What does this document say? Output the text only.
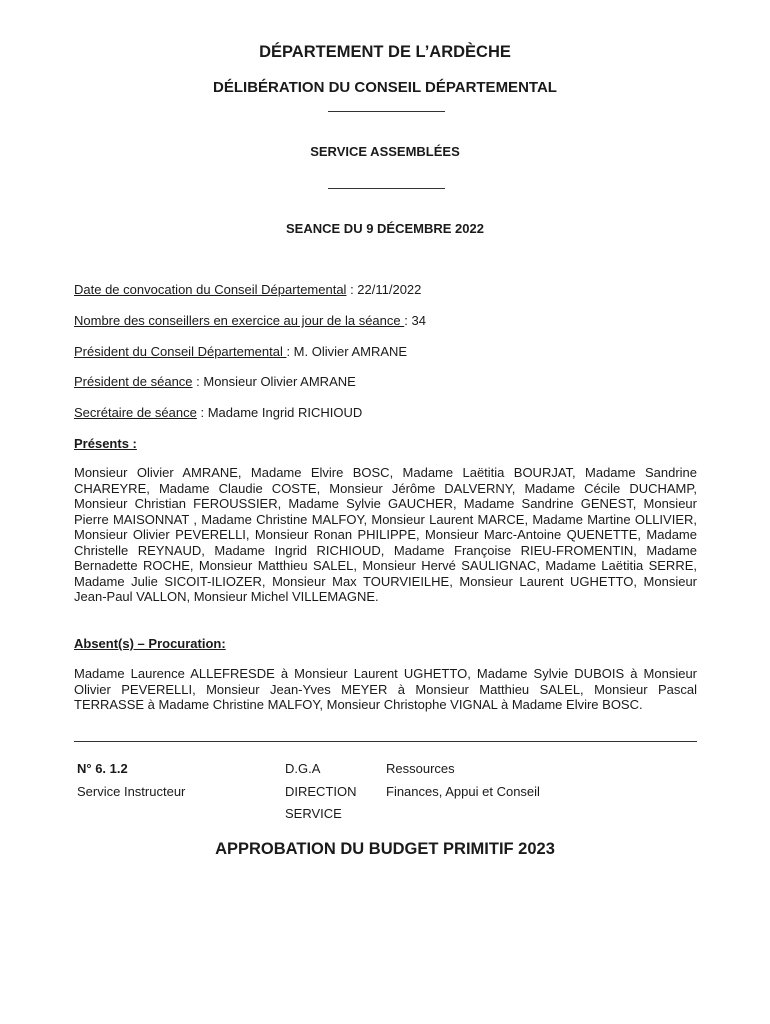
DÉPARTEMENT DE L’ARDÈCHE
DÉLIBÉRATION DU CONSEIL DÉPARTEMENTAL
SERVICE ASSEMBLÉES
SEANCE DU 9 DÉCEMBRE 2022
Date de convocation du Conseil Départemental : 22/11/2022
Nombre des conseillers en exercice au jour de la séance : 34
Président du Conseil Départemental : M. Olivier AMRANE
Président de séance : Monsieur Olivier AMRANE
Secrétaire de séance : Madame Ingrid RICHIOUD
Présents :

Monsieur Olivier AMRANE, Madame Elvire BOSC, Madame Laëtitia BOURJAT, Madame Sandrine CHAREYRE, Madame Claudie COSTE, Monsieur Jérôme DALVERNY, Madame Cécile DUCHAMP, Monsieur Christian FEROUSSIER, Madame Sylvie GAUCHER, Madame Sandrine GENEST, Monsieur Pierre MAISONNAT , Madame Christine MALFOY, Monsieur Laurent MARCE, Madame Martine OLLIVIER, Monsieur Olivier PEVERELLI, Monsieur Ronan PHILIPPE, Monsieur Marc-Antoine QUENETTE, Madame Christelle REYNAUD, Madame Ingrid RICHIOUD, Madame Françoise RIEU-FROMENTIN, Madame Bernadette ROCHE, Monsieur Matthieu SALEL, Monsieur Hervé SAULIGNAC, Madame Laëtitia SERRE, Madame Julie SICOIT-ILIOZER, Monsieur Max TOURVIEILHE, Monsieur Laurent UGHETTO, Monsieur Jean-Paul VALLON, Monsieur Michel VILLEMAGNE.

Absent(s) – Procuration:

Madame Laurence ALLEFRESDE à Monsieur Laurent UGHETTO, Madame Sylvie DUBOIS à Monsieur Olivier PEVERELLI, Monsieur Jean-Yves MEYER à Monsieur Matthieu SALEL, Monsieur Pascal TERRASSE à Madame Christine MALFOY, Monsieur Christophe VIGNAL à Madame Elvire BOSC.

N° 6. 1.2
Service Instructeur
D.G.A
DIRECTION
SERVICE
Ressources
Finances, Appui et Conseil
APPROBATION DU BUDGET PRIMITIF 2023
